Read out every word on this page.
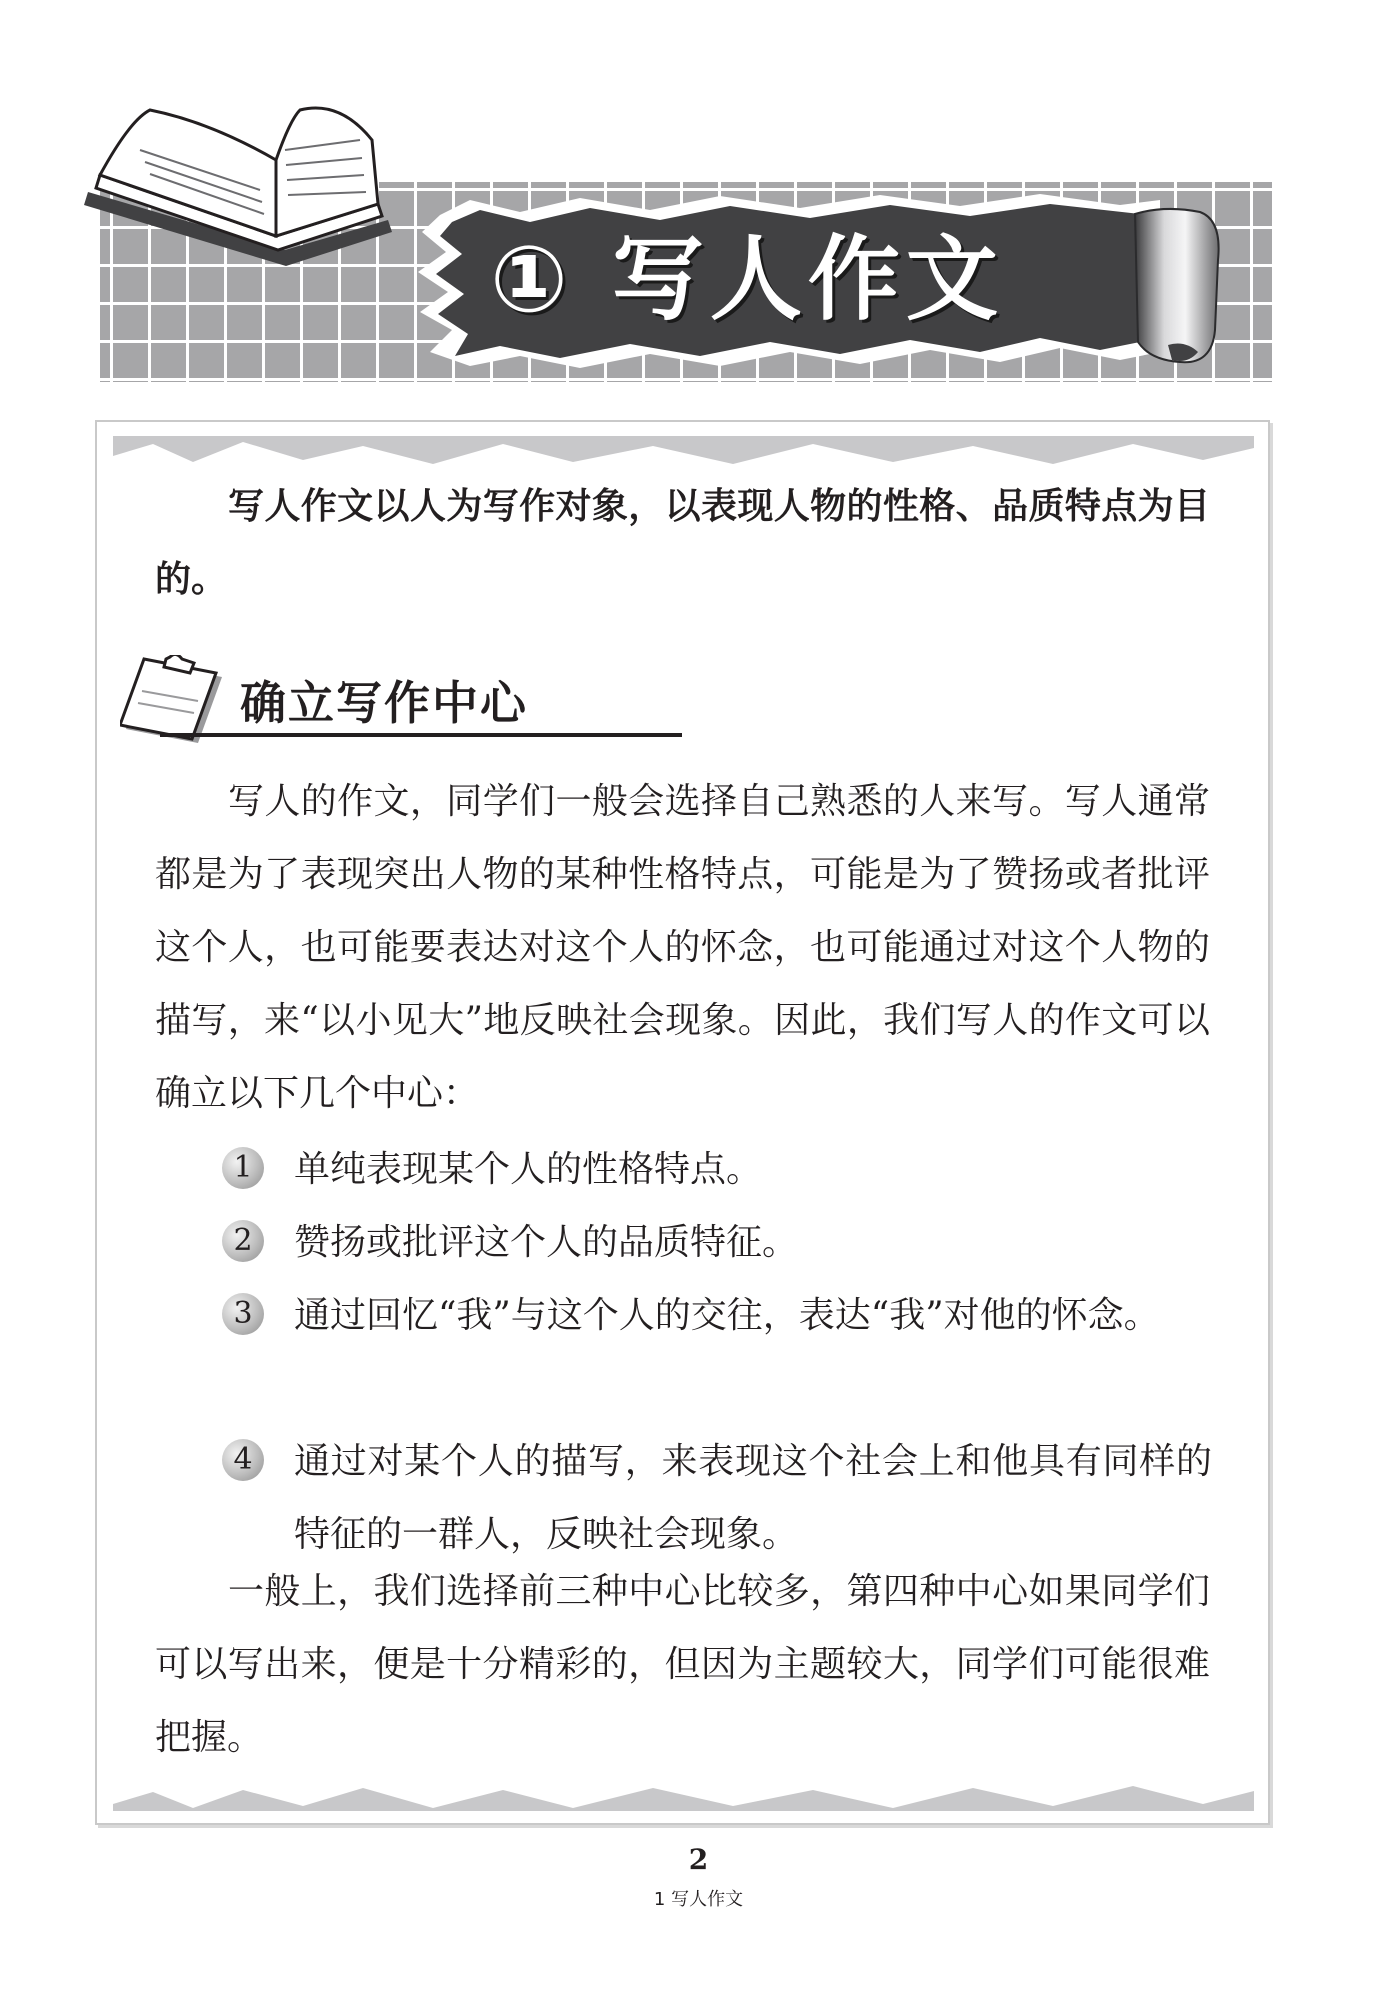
① 写人作文
写人作文以人为写作对象，以表现人物的性格、品质特点为目的。
确立写作中心
写人的作文，同学们一般会选择自己熟悉的人来写。写人通常都是为了表现突出人物的某种性格特点，可能是为了赞扬或者批评这个人，也可能要表达对这个人的怀念，也可能通过对这个人物的描写，来“以小见大”地反映社会现象。因此，我们写人的作文可以确立以下几个中心：
1	单纯表现某个人的性格特点。
2	赞扬或批评这个人的品质特征。
3	通过回忆“我”与这个人的交往，表达“我”对他的怀念。
4	通过对某个人的描写，来表现这个社会上和他具有同样的特征的一群人，反映社会现象。
一般上，我们选择前三种中心比较多，第四种中心如果同学们可以写出来，便是十分精彩的，但因为主题较大，同学们可能很难把握。
2
1 写人作文
